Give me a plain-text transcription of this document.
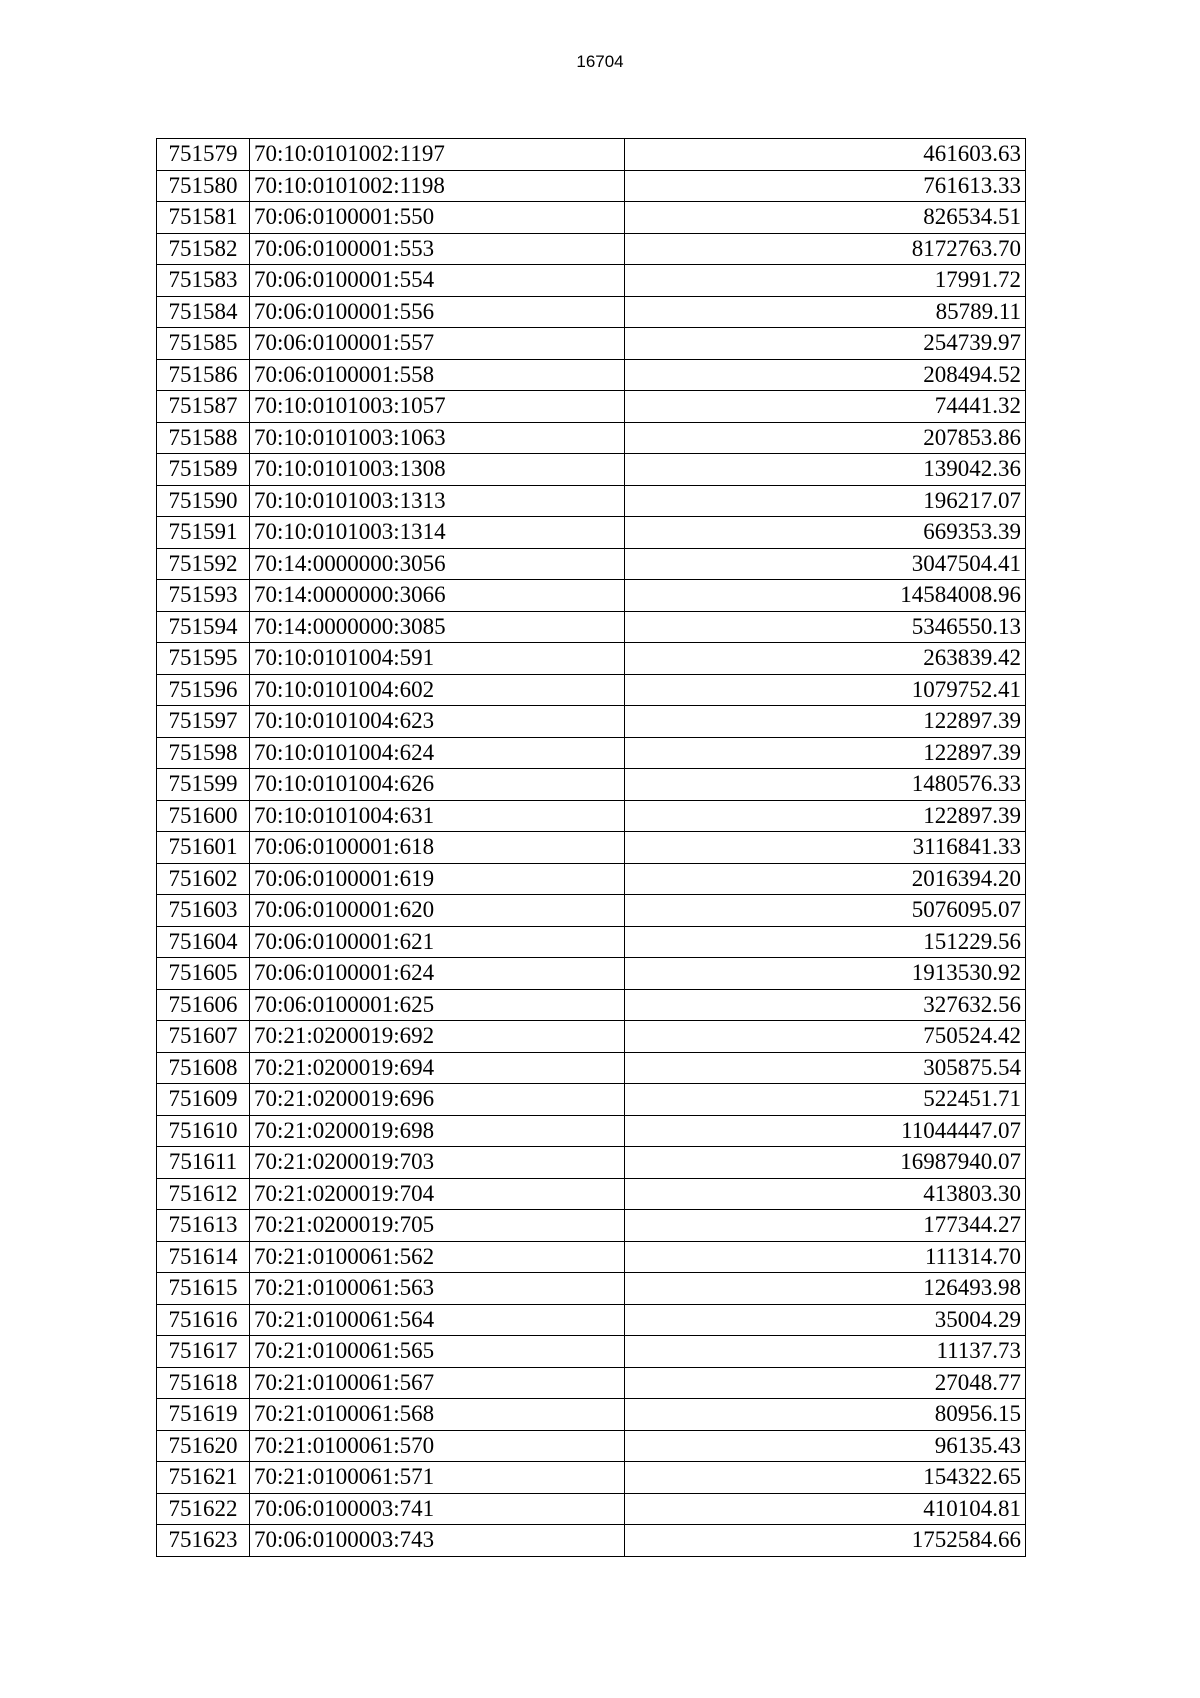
16704
751579	70:10:0101002:1197	461603.63
751580	70:10:0101002:1198	761613.33
751581	70:06:0100001:550	826534.51
751582	70:06:0100001:553	8172763.70
751583	70:06:0100001:554	17991.72
751584	70:06:0100001:556	85789.11
751585	70:06:0100001:557	254739.97
751586	70:06:0100001:558	208494.52
751587	70:10:0101003:1057	74441.32
751588	70:10:0101003:1063	207853.86
751589	70:10:0101003:1308	139042.36
751590	70:10:0101003:1313	196217.07
751591	70:10:0101003:1314	669353.39
751592	70:14:0000000:3056	3047504.41
751593	70:14:0000000:3066	14584008.96
751594	70:14:0000000:3085	5346550.13
751595	70:10:0101004:591	263839.42
751596	70:10:0101004:602	1079752.41
751597	70:10:0101004:623	122897.39
751598	70:10:0101004:624	122897.39
751599	70:10:0101004:626	1480576.33
751600	70:10:0101004:631	122897.39
751601	70:06:0100001:618	3116841.33
751602	70:06:0100001:619	2016394.20
751603	70:06:0100001:620	5076095.07
751604	70:06:0100001:621	151229.56
751605	70:06:0100001:624	1913530.92
751606	70:06:0100001:625	327632.56
751607	70:21:0200019:692	750524.42
751608	70:21:0200019:694	305875.54
751609	70:21:0200019:696	522451.71
751610	70:21:0200019:698	11044447.07
751611	70:21:0200019:703	16987940.07
751612	70:21:0200019:704	413803.30
751613	70:21:0200019:705	177344.27
751614	70:21:0100061:562	111314.70
751615	70:21:0100061:563	126493.98
751616	70:21:0100061:564	35004.29
751617	70:21:0100061:565	11137.73
751618	70:21:0100061:567	27048.77
751619	70:21:0100061:568	80956.15
751620	70:21:0100061:570	96135.43
751621	70:21:0100061:571	154322.65
751622	70:06:0100003:741	410104.81
751623	70:06:0100003:743	1752584.66
